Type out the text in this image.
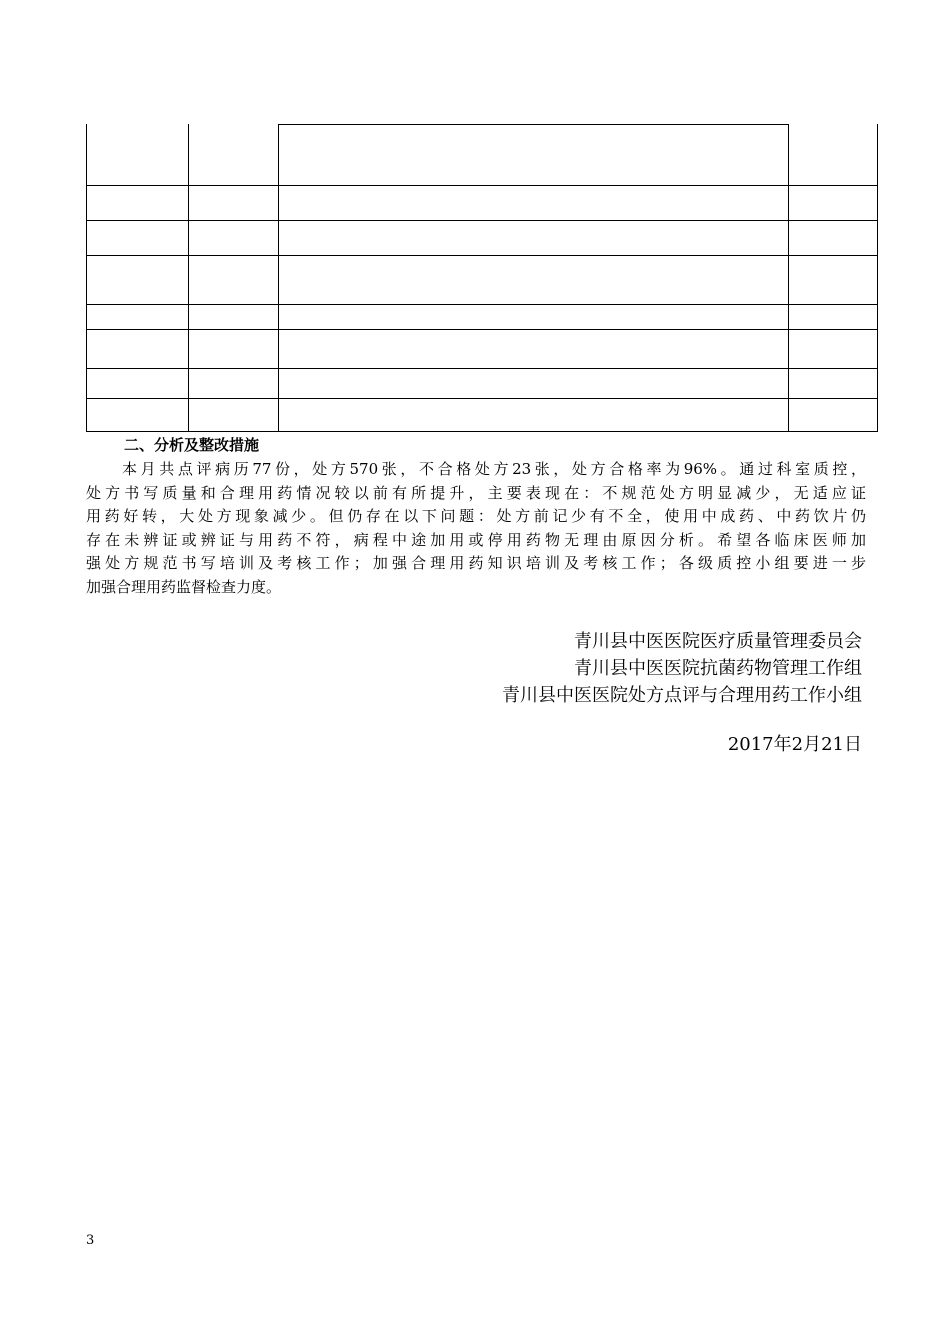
二、分析及整改措施
本月共点评病历77份，处方570张，不合格处方23张，处方合格率为96%。通过科室质控，
处方书写质量和合理用药情况较以前有所提升，主要表现在：不规范处方明显减少，无适应证
用药好转，大处方现象减少。但仍存在以下问题：处方前记少有不全，使用中成药、中药饮片仍
存在未辨证或辨证与用药不符，病程中途加用或停用药物无理由原因分析。希望各临床医师加
强处方规范书写培训及考核工作；加强合理用药知识培训及考核工作；各级质控小组要进一步
加强合理用药监督检查力度。
青川县中医医院医疗质量管理委员会
青川县中医医院抗菌药物管理工作组
青川县中医医院处方点评与合理用药工作小组
2017年2月21日
3
